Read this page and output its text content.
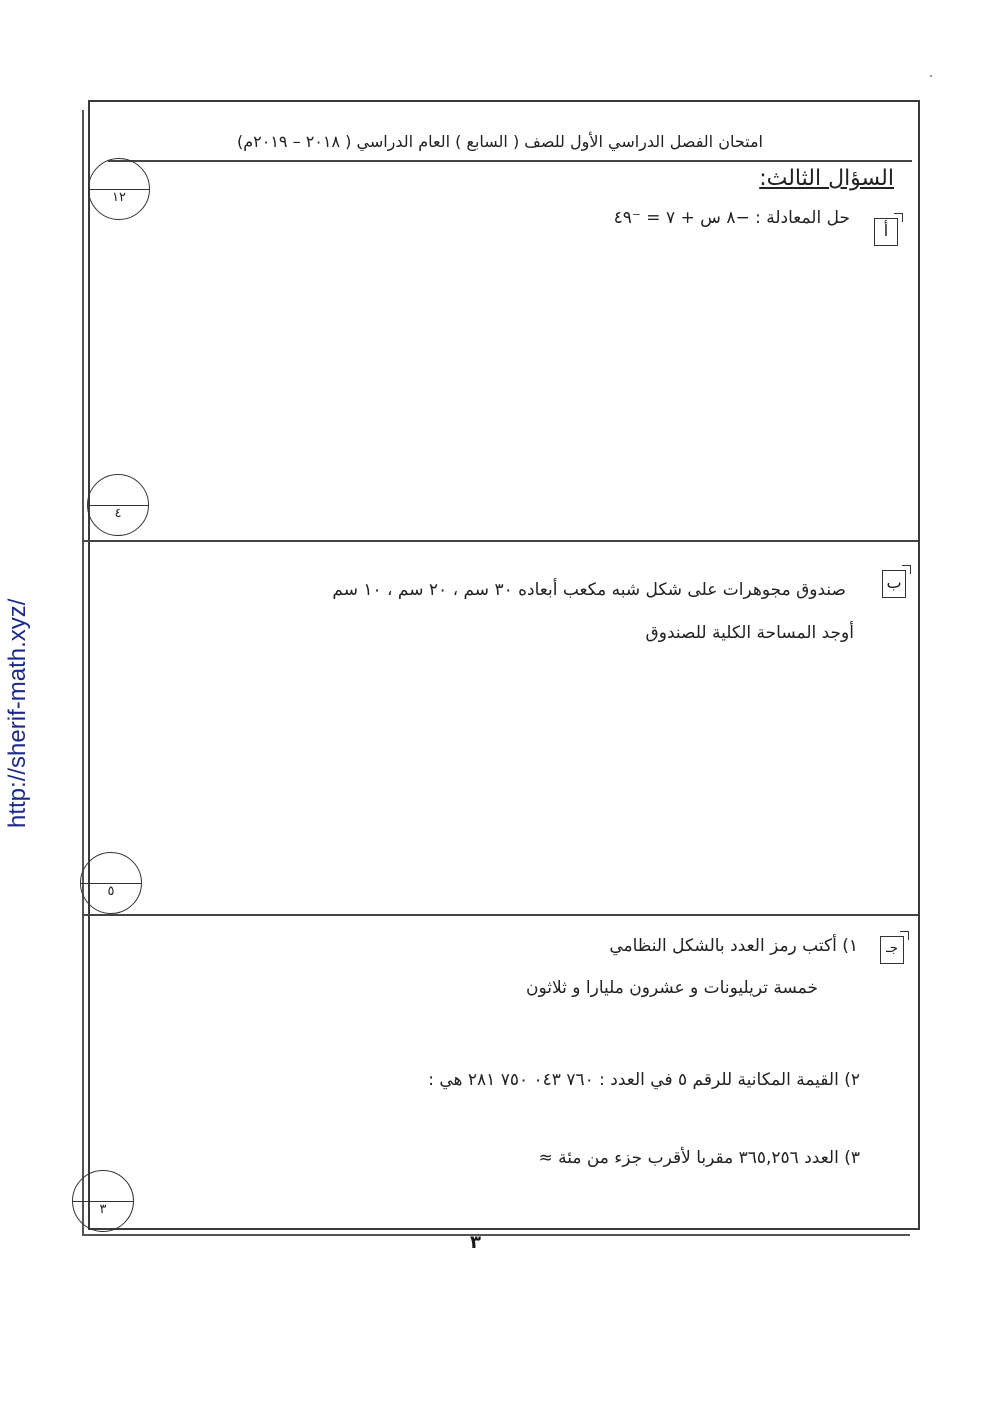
http://sherif-math.xyz/
امتحان الفصل الدراسي الأول للصف ( السابع ) العام الدراسي ( ٢٠١٨ – ٢٠١٩م)
السؤال الثالث:
١٢
أ
حل المعادلة : −٨ س + ٧ = ⁻٤٩
٤
ب
صندوق مجوهرات على شكل شبه مكعب أبعاده ٣٠ سم ، ٢٠ سم ، ١٠ سم
أوجد المساحة الكلية للصندوق
٥
جـ
١) أكتب رمز العدد بالشكل النظامي
خمسة تريليونات و عشرون مليارا و ثلاثون
٢) القيمة المكانية للرقم ٥ في العدد : ٧٦٠ ٠٤٣ ٧٥٠ ٢٨١ هي :
٣) العدد ٣٦٥,٢٥٦ مقربا لأقرب جزء من مئة ≈
٣
٣
